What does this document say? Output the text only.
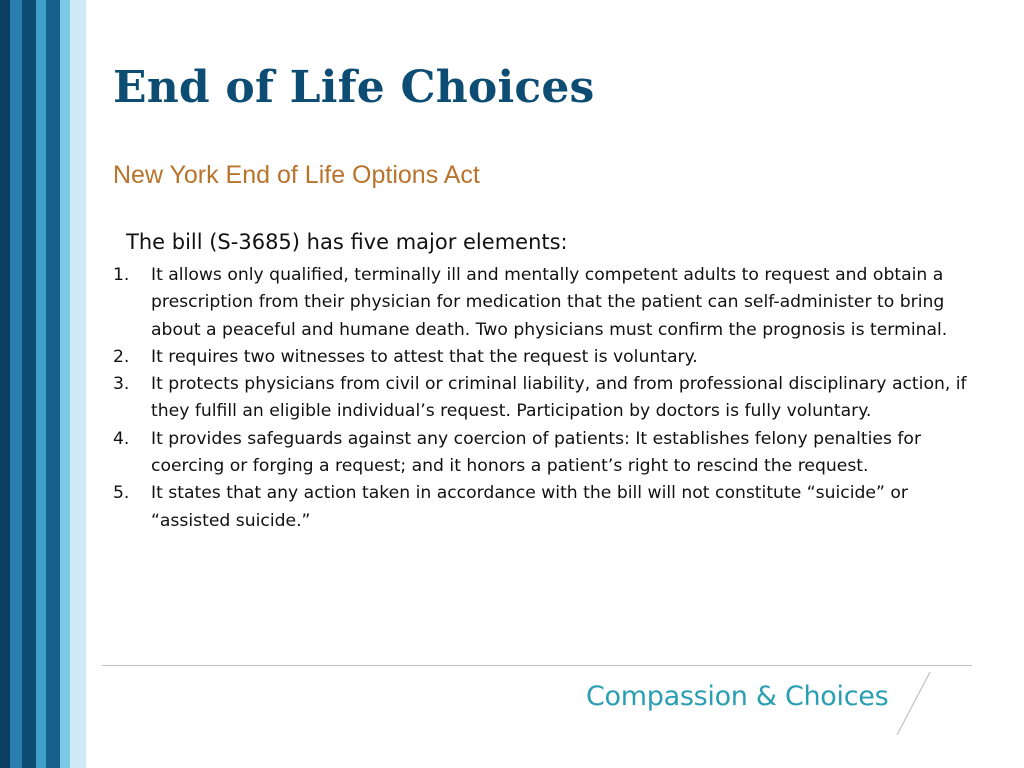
End of Life Choices
New York End of Life Options Act
The bill (S-3685) has five major elements:
1. It allows only qualified, terminally ill and mentally competent adults to request and obtain a prescription from their physician for medication that the patient can self-administer to bring about a peaceful and humane death. Two physicians must confirm the prognosis is terminal.
2. It requires two witnesses to attest that the request is voluntary.
3. It protects physicians from civil or criminal liability, and from professional disciplinary action, if they fulfill an eligible individual’s request. Participation by doctors is fully voluntary.
4. It provides safeguards against any coercion of patients: It establishes felony penalties for coercing or forging a request; and it honors a patient’s right to rescind the request.
5. It states that any action taken in accordance with the bill will not constitute “suicide” or “assisted suicide.”
Compassion & Choices
